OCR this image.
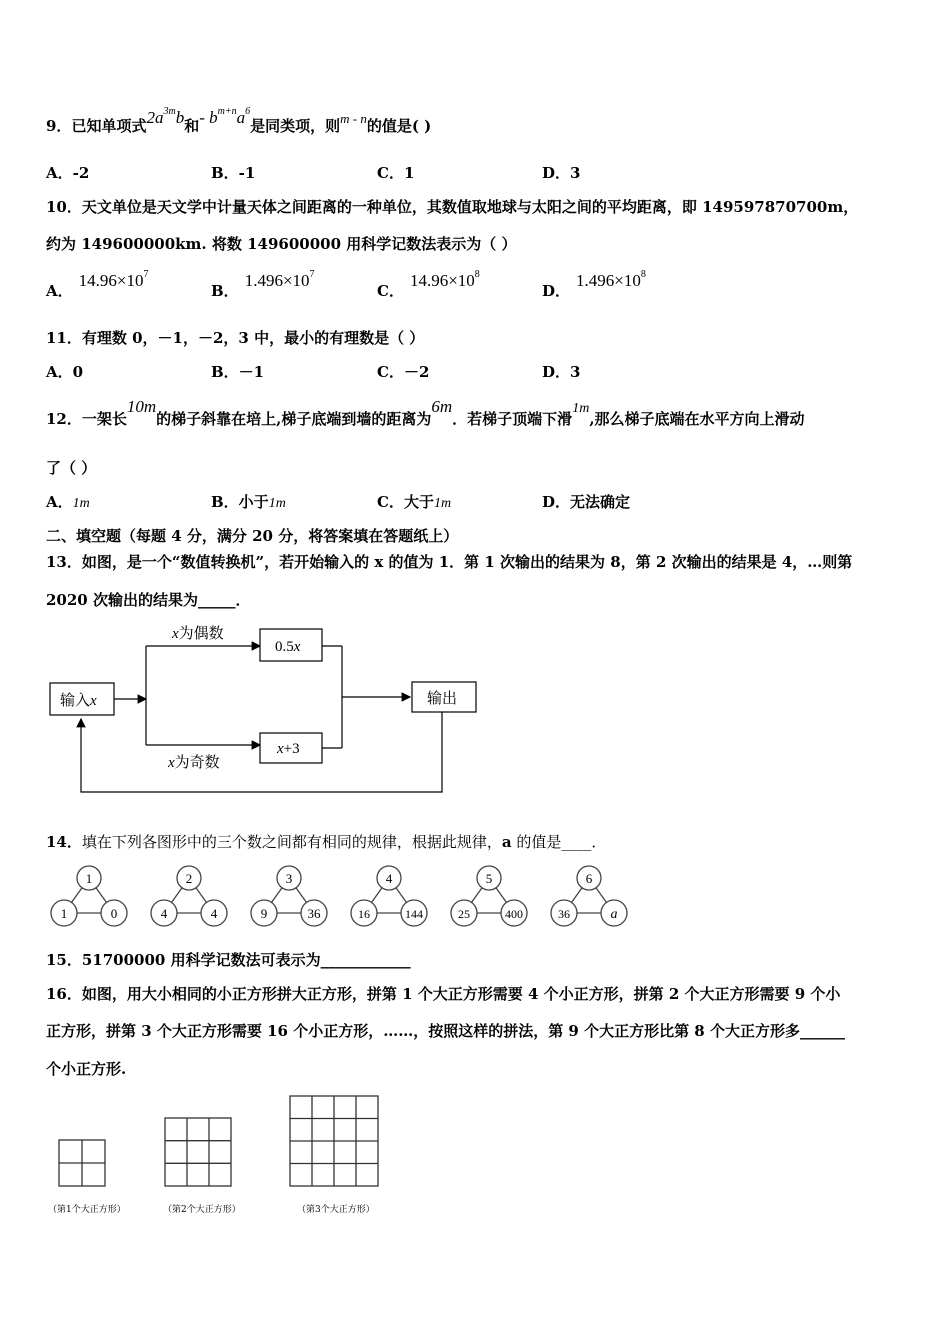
9．已知单项式$2a^{3m}b$和- $b^{m+n}a^6$是同类项，则m - n的值是( )
A．-2	B．-1	C．1	D．3
10．天文单位是天文学中计量天体之间距离的一种单位，其数值取地球与太阳之间的平均距离，即 149597870700m，
约为 149600000km. 将数 149600000 用科学记数法表示为（ ）
A．$14.96\times 10^7$
B．$1.496\times 10^7$
C．$14.96\times 10^8$
D．$1.496\times 10^8$
11．有理数 0，－1，－2，3 中，最小的有理数是（ ）
A．0	B．－1	C．－2	D．3
12．一架长10m的梯子斜靠在培上,梯子底端到墙的距离为6m．若梯子顶端下滑1m,那么梯子底端在水平方向上滑动
了（ ）
A．1m	B．小于1m	C．大于1m	D．无法确定
二、填空题（每题 4 分，满分 20 分，将答案填在答题纸上）
13．如图，是一个“数值转换机”，若开始输入的 x 的值为 1．第 1 次输出的结果为 8，第 2 次输出的结果是 4，…则第
2020 次输出的结果为_____．
输入x
x为偶数
x为奇数
0.5x
x+3
输出
14．填在下列各图形中的三个数之间都有相同的规律，根据此规律，a 的值是____．
1
1	0
2
4	4
3
9	36
4
16	144
5
25	400
6
36	a
15．51700000 用科学记数法可表示为____________
16．如图，用大小相同的小正方形拼大正方形，拼第 1 个大正方形需要 4 个小正方形，拼第 2 个大正方形需要 9 个小
正方形，拼第 3 个大正方形需要 16 个小正方形，……，按照这样的拼法，第 9 个大正方形比第 8 个大正方形多______
个小正方形.
（第1个大正方形）	（第2个大正方形）	（第3个大正方形）
